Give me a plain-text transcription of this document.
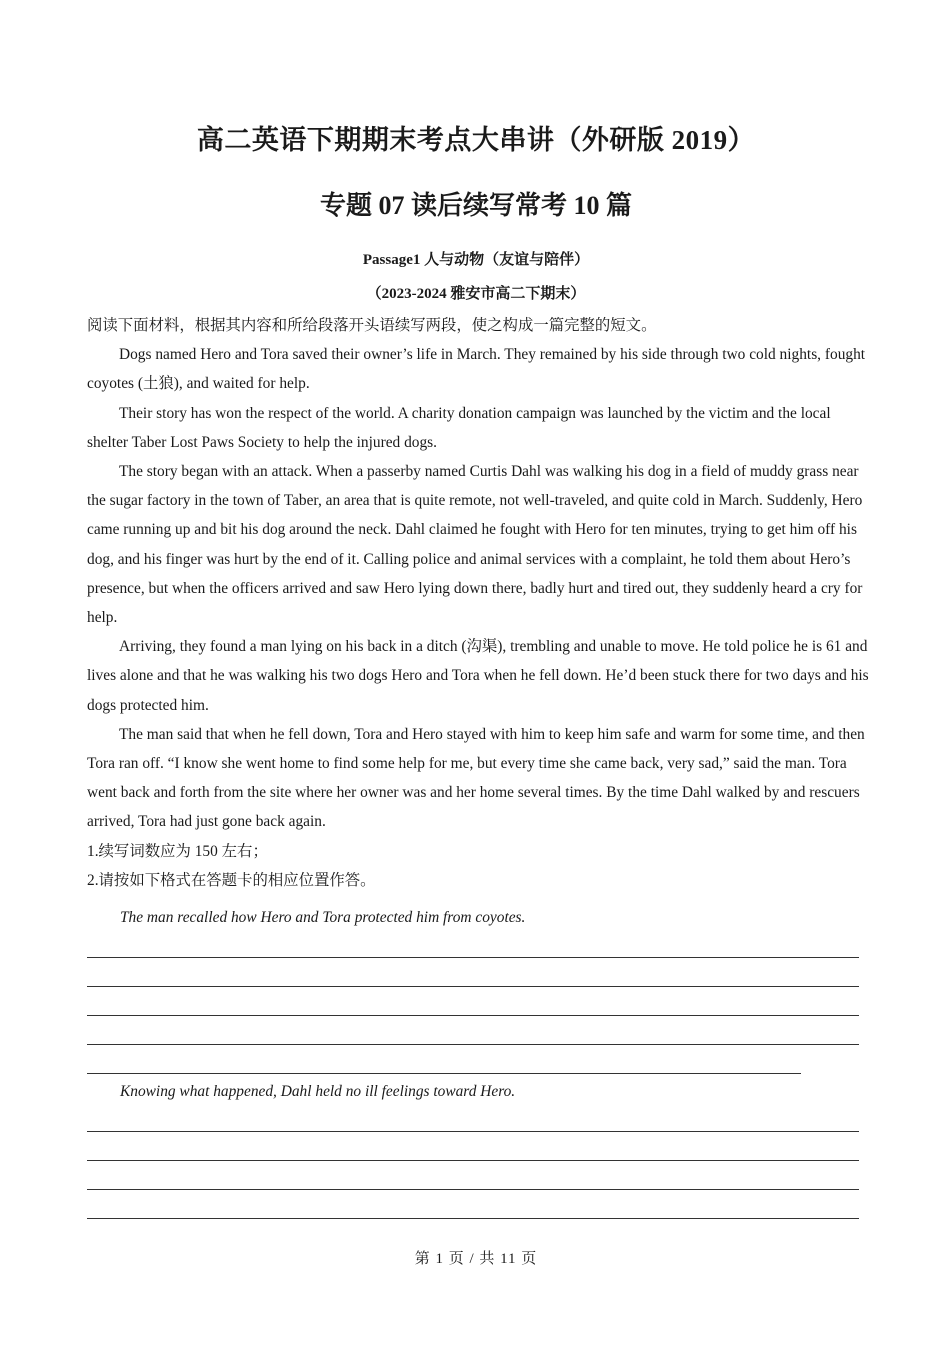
高二英语下期期末考点大串讲（外研版 2019）
专题 07 读后续写常考 10 篇
Passage1 人与动物（友谊与陪伴）
（2023-2024 雅安市高二下期末）

阅读下面材料，根据其内容和所给段落开头语续写两段，使之构成一篇完整的短文。

Dogs named Hero and Tora saved their owner’s life in March. They remained by his side through two cold nights, fought coyotes (土狼), and waited for help.

Their story has won the respect of the world. A charity donation campaign was launched by the victim and the local shelter Taber Lost Paws Society to help the injured dogs.

The story began with an attack. When a passerby named Curtis Dahl was walking his dog in a field of muddy grass near the sugar factory in the town of Taber, an area that is quite remote, not well-traveled, and quite cold in March. Suddenly, Hero came running up and bit his dog around the neck. Dahl claimed he fought with Hero for ten minutes, trying to get him off his dog, and his finger was hurt by the end of it. Calling police and animal services with a complaint, he told them about Hero’s presence, but when the officers arrived and saw Hero lying down there, badly hurt and tired out, they suddenly heard a cry for help.

Arriving, they found a man lying on his back in a ditch (沟渠), trembling and unable to move. He told police he is 61 and lives alone and that he was walking his two dogs Hero and Tora when he fell down. He’d been stuck there for two days and his dogs protected him.

The man said that when he fell down, Tora and Hero stayed with him to keep him safe and warm for some time, and then Tora ran off. “I know she went home to find some help for me, but every time she came back, very sad,” said the man. Tora went back and forth from the site where her owner was and her home several times. By the time Dahl walked by and rescuers arrived, Tora had just gone back again.

1.续写词数应为 150 左右；

2.请按如下格式在答题卡的相应位置作答。

The man recalled how Hero and Tora protected him from coyotes.
Knowing what happened, Dahl held no ill feelings toward Hero.
第 1 页 / 共 11 页
